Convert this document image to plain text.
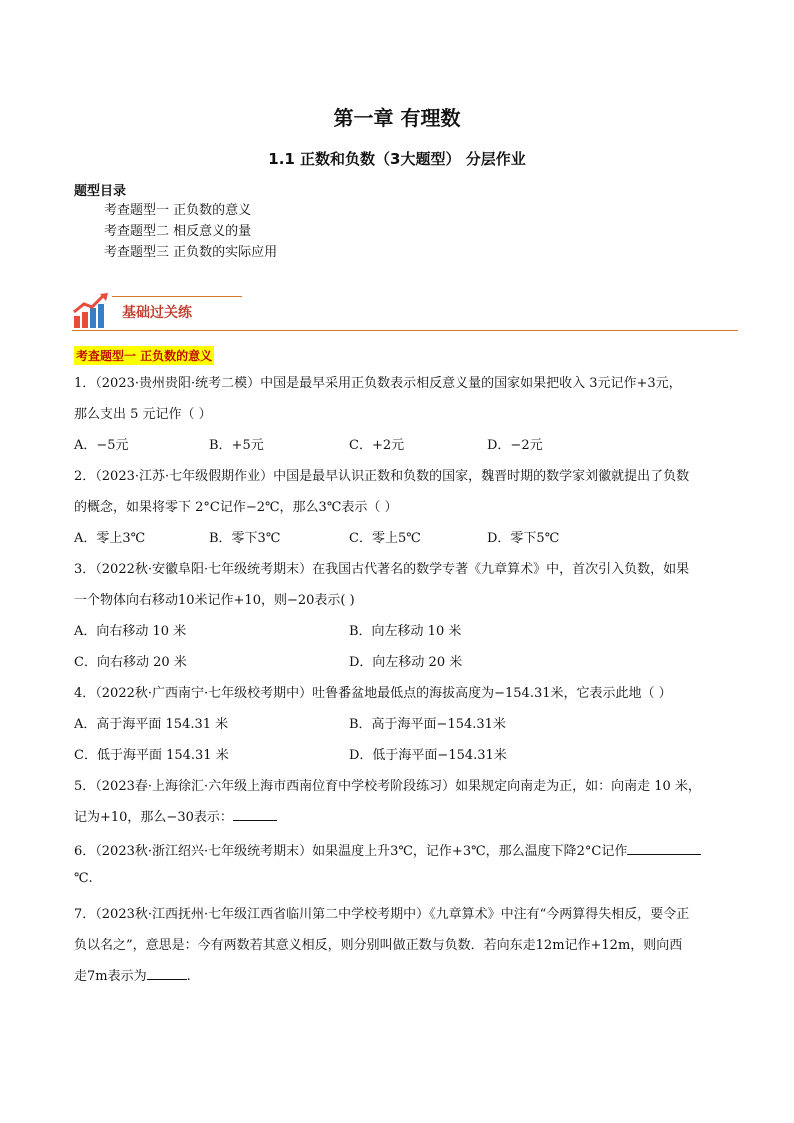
第一章 有理数
1.1 正数和负数（3大题型） 分层作业
题型目录
考查题型一 正负数的意义
考查题型二 相反意义的量
考查题型三 正负数的实际应用
基础过关练
考查题型一 正负数的意义
1．（2023·贵州贵阳·统考二模）中国是最早采用正负数表示相反意义量的国家如果把收入 3元记作+3元，
那么支出 5 元记作（ ）
A．−5元	B．+5元	C．+2元	D．−2元
2．（2023·江苏·七年级假期作业）中国是最早认识正数和负数的国家，魏晋时期的数学家刘徽就提出了负数
的概念，如果将零下 2°C记作−2℃，那么3℃表示（ ）
A．零上3℃	B．零下3℃	C．零上5℃	D．零下5℃
3．（2022秋·安徽阜阳·七年级统考期末）在我国古代著名的数学专著《九章算术》中，首次引入负数，如果
一个物体向右移动10米记作+10，则−20表示( )
A．向右移动 10 米	B．向左移动 10 米
C．向右移动 20 米	D．向左移动 20 米
4．（2022秋·广西南宁·七年级校考期中）吐鲁番盆地最低点的海拔高度为−154.31米，它表示此地（ ）
A．高于海平面 154.31 米	B．高于海平面−154.31米
C．低于海平面 154.31 米	D．低于海平面−154.31米
5．（2023春·上海徐汇·六年级上海市西南位育中学校考阶段练习）如果规定向南走为正，如：向南走 10 米，
记为+10，那么−30表示：
6．（2023秋·浙江绍兴·七年级统考期末）如果温度上升3℃，记作+3℃，那么温度下降2°C记作
℃.
7．（2023秋·江西抚州·七年级江西省临川第二中学校考期中）《九章算术》中注有“今两算得失相反，要令正
负以名之”，意思是：今有两数若其意义相反，则分别叫做正数与负数．若向东走12m记作+12m，则向西
走7m表示为	.
